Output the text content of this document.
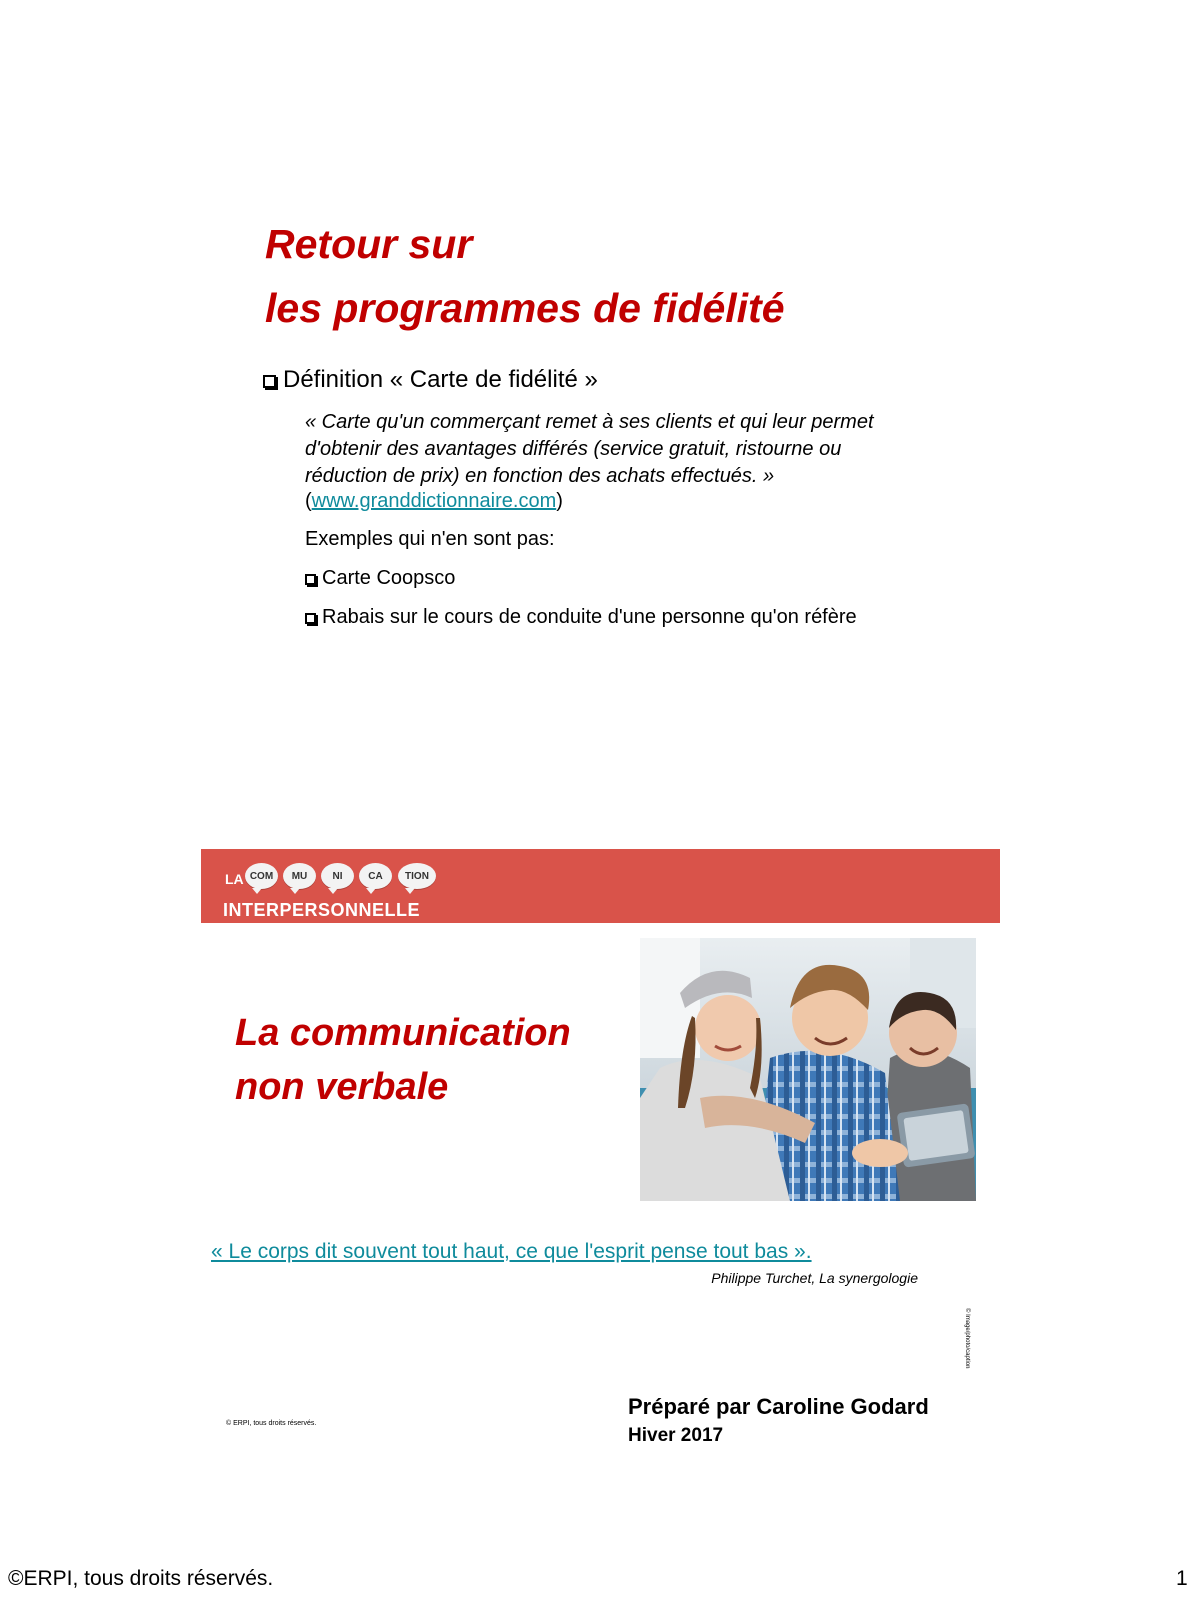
Retour sur
les programmes de fidélité
Définition « Carte de fidélité »
« Carte qu'un commerçant remet à ses clients et qui leur permet
d'obtenir des avantages différés (service gratuit, ristourne ou
réduction de prix) en fonction des achats effectués. »
(www.granddictionnaire.com)
Exemples qui n'en sont pas:
Carte Coopsco
Rabais sur le cours de conduite d'une personne qu'on réfère
LA COM	MU	NI	CA	TION
INTERPERSONNELLE
La communication
non verbale
« Le corps dit souvent tout haut, ce que l'esprit pense tout bas ».
Philippe Turchet, La synergologie
© Image/photo/caption
© ERPI, tous droits réservés.
Préparé par Caroline Godard
Hiver 2017
©ERPI, tous droits réservés.	1
